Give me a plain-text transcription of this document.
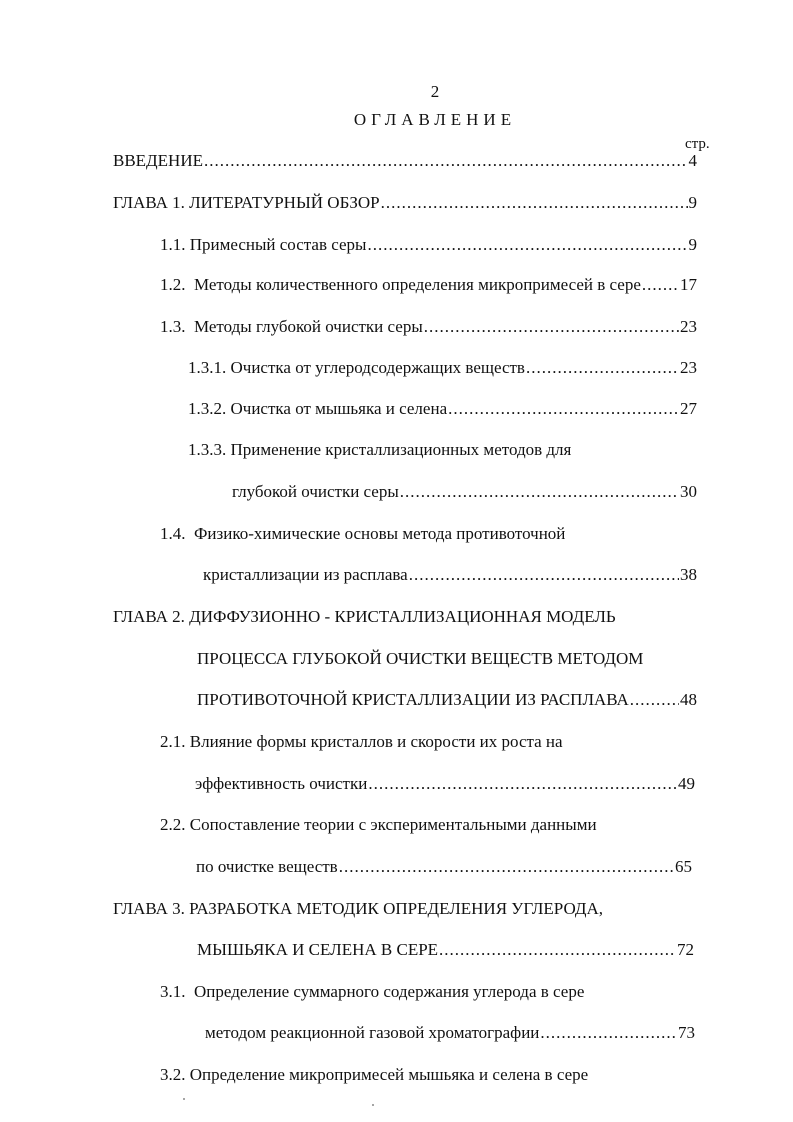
2
ОГЛАВЛЕНИЕ
стр.
ВВЕДЕНИЕ .....	4
ГЛАВА 1. ЛИТЕРАТУРНЫЙ ОБЗОР .....	9
1.1. Примесный состав серы .....	9
1.2.  Методы количественного определения микропримесей в сере ..... 17
1.3.  Методы глубокой очистки серы .....	23
1.3.1. Очистка от углеродсодержащих веществ .....	23
1.3.2. Очистка от мышьяка и селена .....	27
1.3.3. Применение кристаллизационных методов для
глубокой очистки серы .....	30
1.4.  Физико-химические основы метода противоточной
кристаллизации из расплава .....	38
ГЛАВА 2. ДИФФУЗИОННО - КРИСТАЛЛИЗАЦИОННАЯ МОДЕЛЬ
ПРОЦЕССА ГЛУБОКОЙ ОЧИСТКИ ВЕЩЕСТВ МЕТОДОМ
ПРОТИВОТОЧНОЙ КРИСТАЛЛИЗАЦИИ ИЗ РАСПЛАВА .....	48
2.1. Влияние формы кристаллов и скорости их роста на
эффективность очистки .....	49
2.2. Сопоставление теории с экспериментальными данными
по очистке веществ .....	65
ГЛАВА 3. РАЗРАБОТКА МЕТОДИК ОПРЕДЕЛЕНИЯ УГЛЕРОДА,
МЫШЬЯКА И СЕЛЕНА В СЕРЕ .....	72
3.1.  Определение суммарного содержания углерода в сере
методом реакционной газовой хроматографии .....	73
3.2. Определение микропримесей мышьяка и селена в сере
